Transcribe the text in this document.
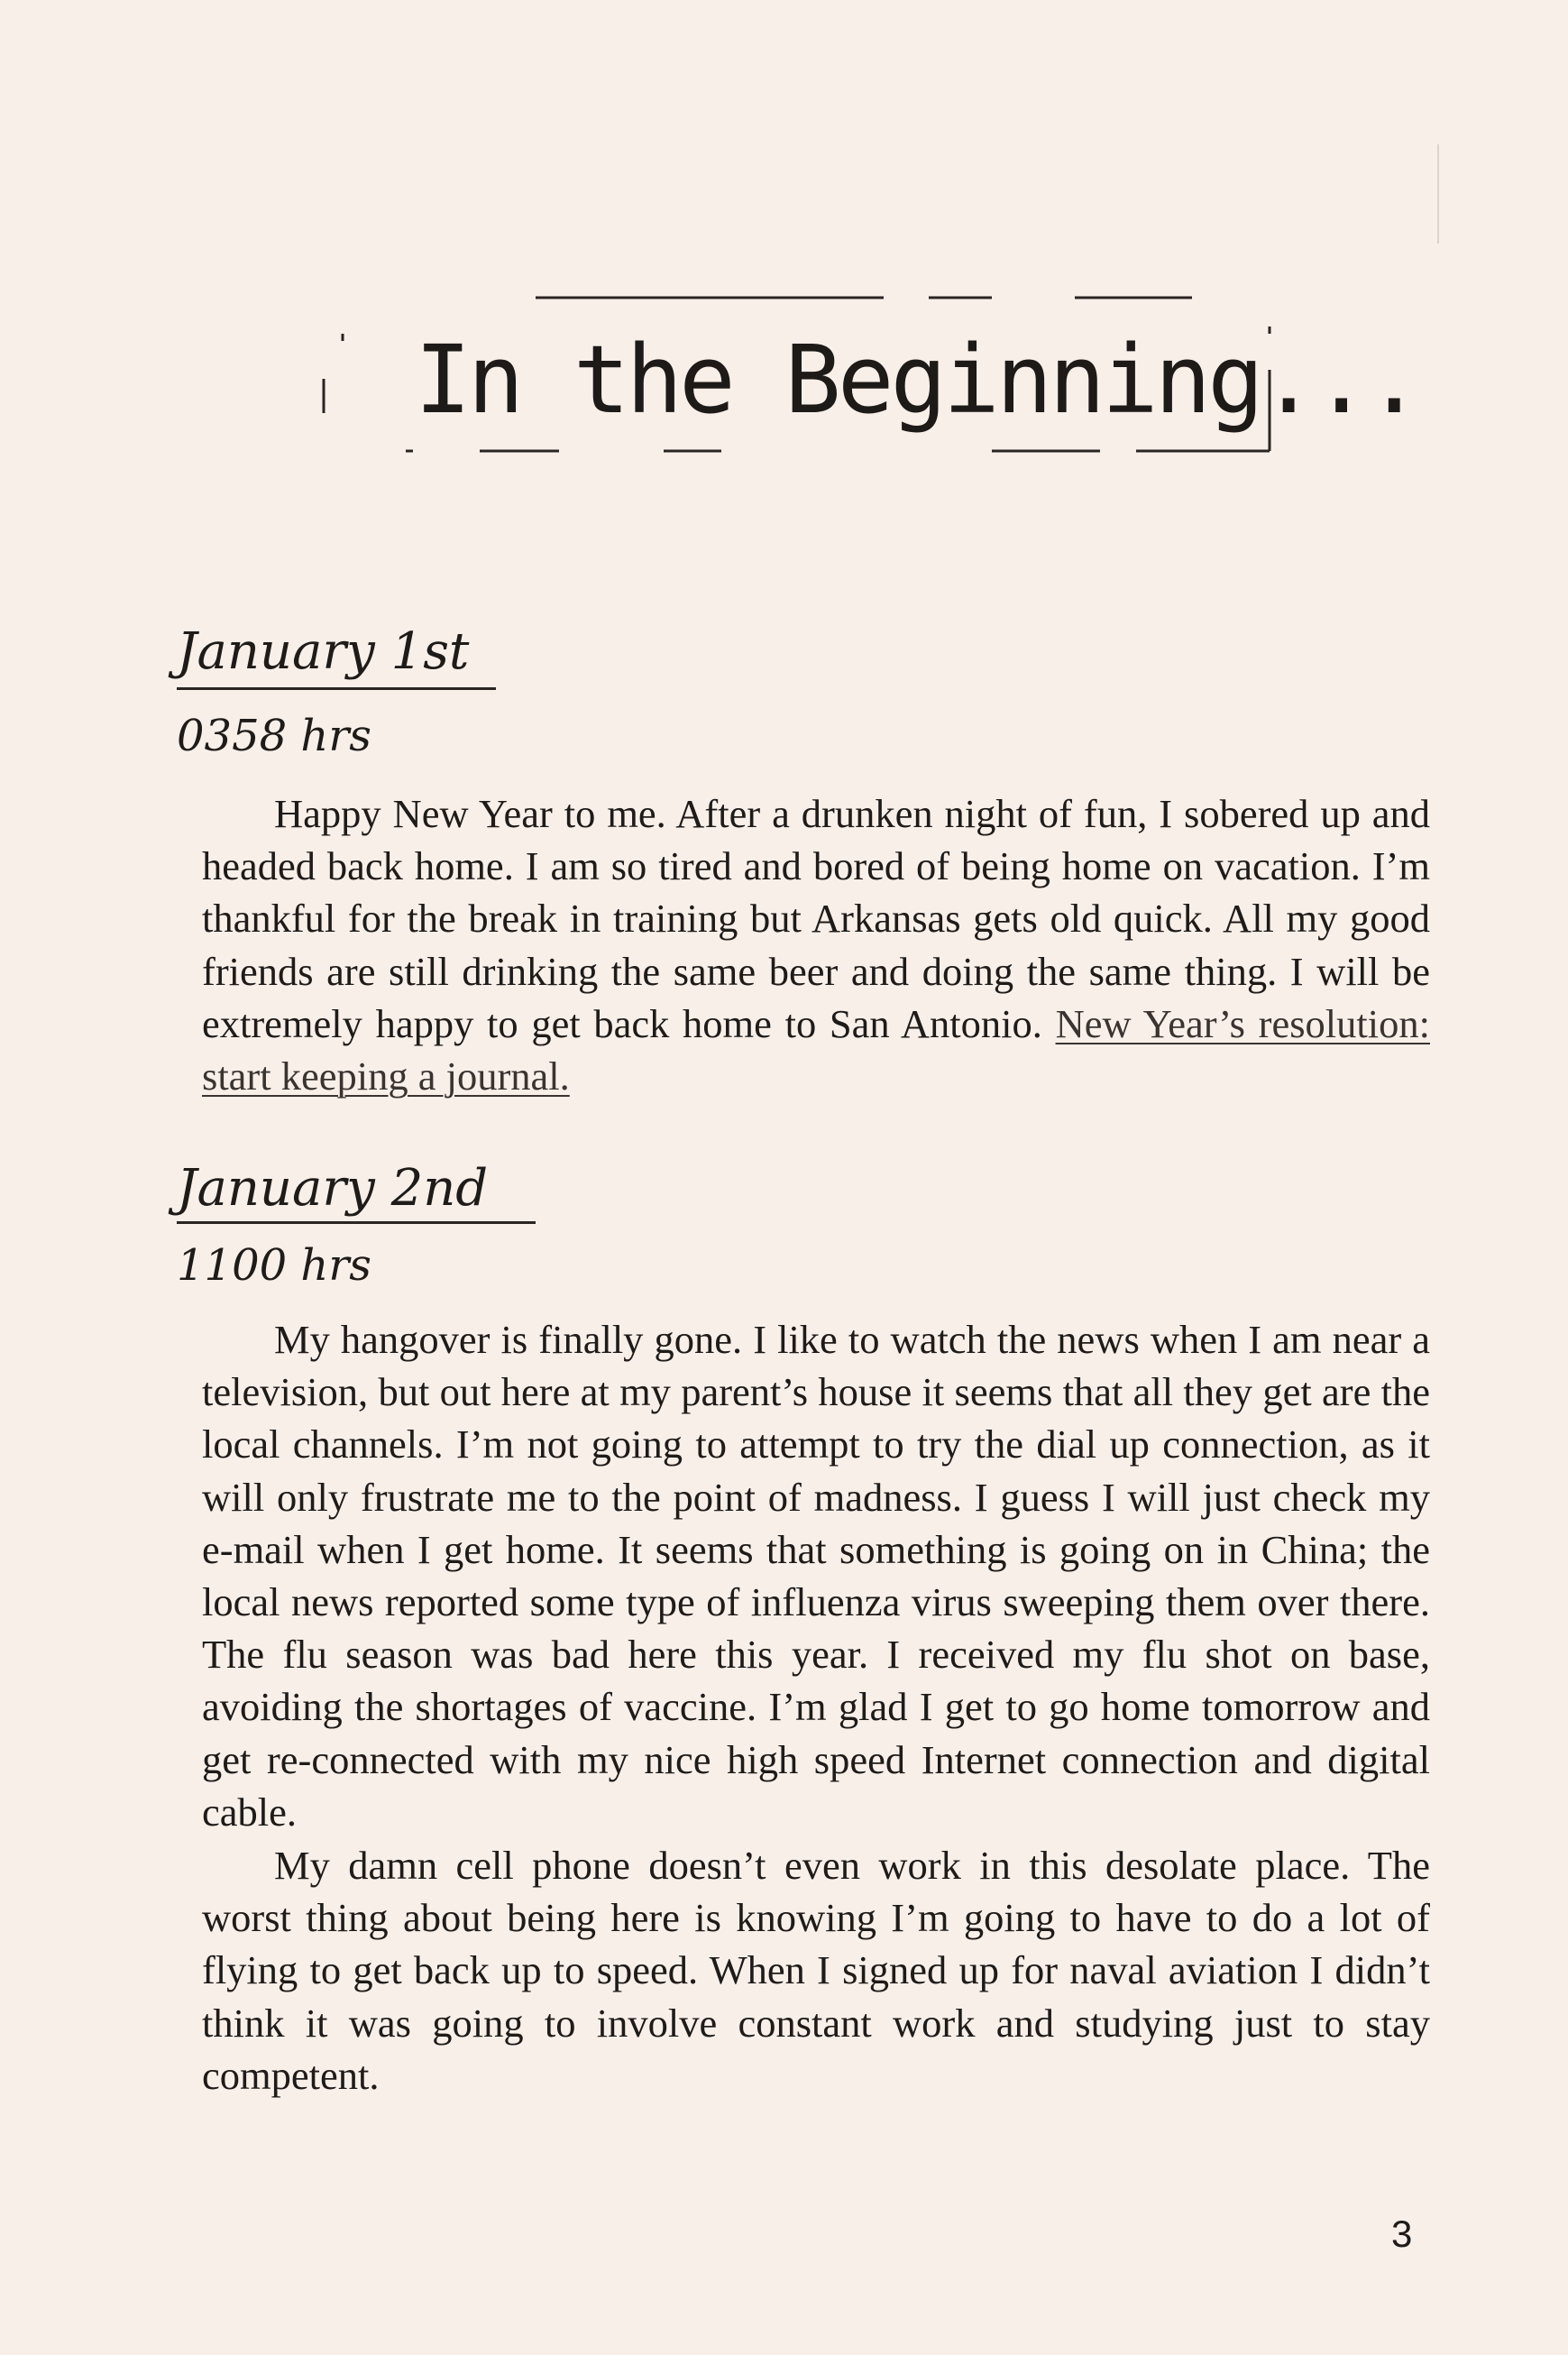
In the Beginning...
January 1st

0358 hrs

Happy New Year to me. After a drunken night of fun, I sobered up and headed back home. I am so tired and bored of being home on vacation. I’m thankful for the break in training but Arkansas gets old quick. All my good friends are still drinking the same beer and doing the same thing. I will be extremely happy to get back home to San Antonio. New Year’s resolution: start keeping a journal.

January 2nd

1100 hrs

My hangover is finally gone. I like to watch the news when I am near a television, but out here at my parent’s house it seems that all they get are the local channels. I’m not going to attempt to try the dial up connection, as it will only frustrate me to the point of madness. I guess I will just check my e-mail when I get home. It seems that something is going on in China; the local news reported some type of influenza virus sweeping them over there. The flu season was bad here this year. I received my flu shot on base, avoiding the shortages of vaccine. I’m glad I get to go home tomorrow and get re-connected with my nice high speed Internet connection and digital cable.

My damn cell phone doesn’t even work in this desolate place. The worst thing about being here is knowing I’m going to have to do a lot of flying to get back up to speed. When I signed up for naval aviation I didn’t think it was going to involve constant work and studying just to stay competent.

3
